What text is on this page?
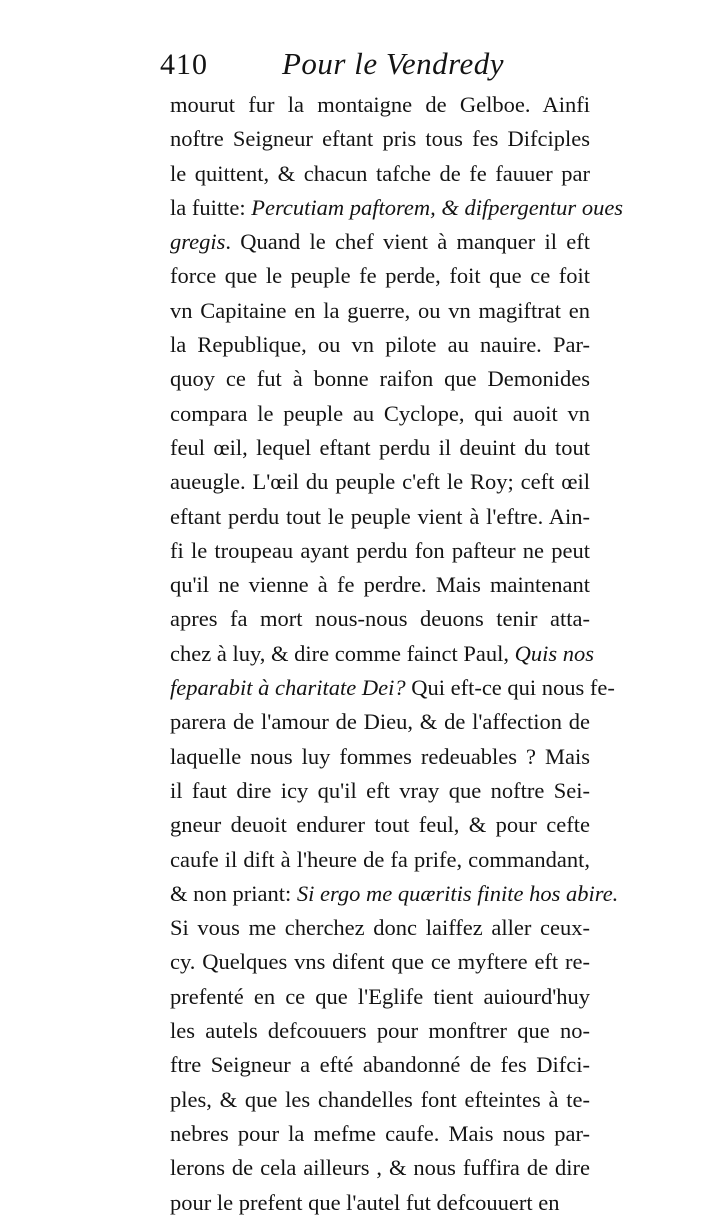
410 Pour le Vendredy
mourut fur la montaigne de Gelboe. Ainfi
noftre Seigneur eftant pris tous fes Difciples
le quittent, & chacun tafche de fe fauuer par
la fuitte: Percutiam paftorem, & difpergentur oues
gregis. Quand le chef vient à manquer il eft
force que le peuple fe perde, foit que ce foit
vn Capitaine en la guerre, ou vn magiftrat en
la Republique, ou vn pilote au nauire. Par-
quoy ce fut à bonne raifon que Demonides
compara le peuple au Cyclope, qui auoit vn
feul œil, lequel eftant perdu il deuint du tout
aueugle. L'œil du peuple c'eft le Roy; ceft œil
eftant perdu tout le peuple vient à l'eftre. Ain-
fi le troupeau ayant perdu fon pafteur ne peut
qu'il ne vienne à fe perdre. Mais maintenant
apres fa mort nous-nous deuons tenir atta-
chez à luy, & dire comme fainct Paul, Quis nos
feparabit à charitate Dei? Qui eft-ce qui nous fe-
parera de l'amour de Dieu, & de l'affection de
laquelle nous luy fommes redeuables ? Mais
il faut dire icy qu'il eft vray que noftre Sei-
gneur deuoit endurer tout feul, & pour cefte
caufe il dift à l'heure de fa prife, commandant,
& non priant: Si ergo me quæritis finite hos abire.
Si vous me cherchez donc laiffez aller ceux-
cy. Quelques vns difent que ce myftere eft re-
prefenté en ce que l'Eglife tient auiourd'huy
les autels defcouuers pour monftrer que no-
ftre Seigneur a efté abandonné de fes Difci-
ples, & que les chandelles font efteintes à te-
nebres pour la mefme caufe. Mais nous par-
lerons de cela ailleurs , & nous fuffira de dire
pour le prefent que l'autel fut defcouuert en
